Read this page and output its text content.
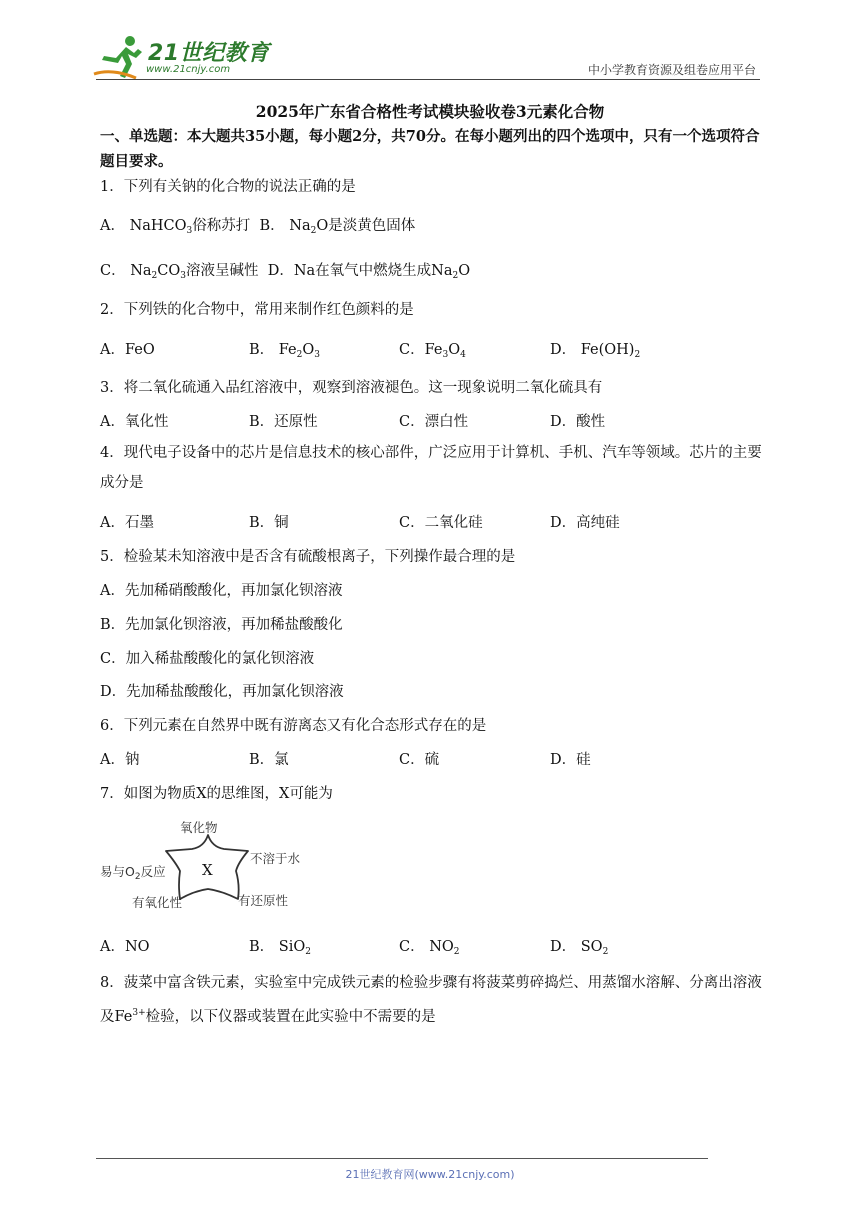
21世纪教育
www.21cnjy.com	中小学教育资源及组卷应用平台
2025年广东省合格性考试模块验收卷3元素化合物
一、单选题：本大题共35小题，每小题2分，共70分。在每小题列出的四个选项中，只有一个选项符合题目要求。
1．下列有关钠的化合物的说法正确的是
A． NaHCO$_3$俗称苏打  B． $Na_2O$是淡黄色固体
C． $Na_2CO_3$溶液呈碱性  D．Na在氧气中燃烧生成$Na_2O$
2．下列铁的化合物中，常用来制作红色颜料的是
A．FeO	B． $Fe_2O_3$	C．$Fe_3O_4$	D． $Fe(OH)_2$
3．将二氧化硫通入品红溶液中，观察到溶液褪色。这一现象说明二氧化硫具有
A．氧化性	B．还原性	C．漂白性	D．酸性
4．现代电子设备中的芯片是信息技术的核心部件，广泛应用于计算机、手机、汽车等领域。芯片的主要成分是
A．石墨	B．铜	C．二氧化硅	D．高纯硅
5．检验某未知溶液中是否含有硫酸根离子，下列操作最合理的是
A．先加稀硝酸酸化，再加氯化钡溶液
B．先加氯化钡溶液，再加稀盐酸酸化
C．加入稀盐酸酸化的氯化钡溶液
D．先加稀盐酸酸化，再加氯化钡溶液
6．下列元素在自然界中既有游离态又有化合态形式存在的是
A．钠	B．氯	C．硫	D．硅
7．如图为物质X的思维图，X可能为
氧化物
不溶于水
易与$O_2$反应
有氧化性	有还原性
X
A．NO	B． SiO$_2$	C． $NO_2$	D． $SO_2$
8．菠菜中富含铁元素，实验室中完成铁元素的检验步骤有将菠菜剪碎捣烂、用蒸馏水溶解、分离出溶液及$Fe^{3+}$检验，以下仪器或装置在此实验中不需要的是
21世纪教育网(www.21cnjy.com)
